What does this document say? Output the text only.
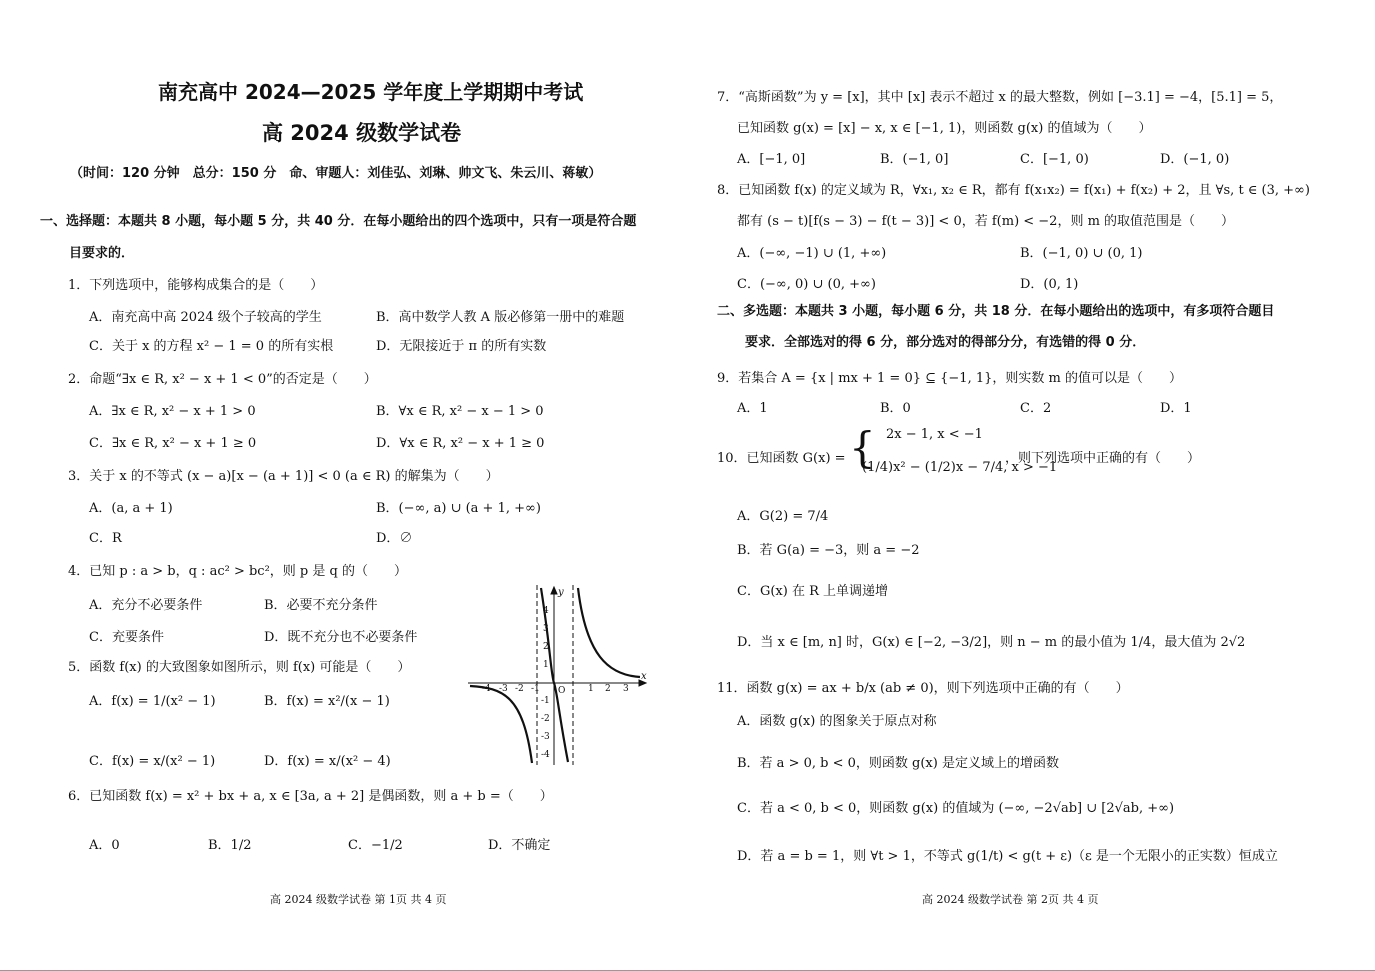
南充高中 2024—2025 学年度上学期期中考试
高 2024 级数学试卷
（时间：120 分钟　总分：150 分　命、审题人：刘佳弘、刘琳、帅文飞、朱云川、蒋敏）
一、选择题：本题共 8 小题，每小题 5 分，共 40 分．在每小题给出的四个选项中，只有一项是符合题
目要求的．
1．下列选项中，能够构成集合的是（　　）
A．南充高中高 2024 级个子较高的学生	B．高中数学人教 A 版必修第一册中的难题
C．关于 x 的方程 x² − 1 = 0 的所有实根	D．无限接近于 π 的所有实数
2．命题“∃x ∈ R, x² − x + 1 < 0”的否定是（　　）
A．∃x ∈ R, x² − x + 1 > 0	B．∀x ∈ R, x² − x − 1 > 0
C．∃x ∈ R, x² − x + 1 ≥ 0	D．∀x ∈ R, x² − x + 1 ≥ 0
3．关于 x 的不等式 (x − a)[x − (a + 1)] < 0 (a ∈ R) 的解集为（　　）
A．(a, a + 1)	B．(−∞, a) ∪ (a + 1, +∞)
C．R	D．∅
4．已知 p : a > b，q : ac² > bc²，则 p 是 q 的（　　）
A．充分不必要条件	B．必要不充分条件
C．充要条件	D．既不充分也不必要条件
5．函数 f(x) 的大致图象如图所示，则 f(x) 可能是（　　）
A．f(x) = 1/(x² − 1)	B．f(x) = x²/(x − 1)
C．f(x) = x/(x² − 1)	D．f(x) = x/(x² − 4)
6．已知函数 f(x) = x² + bx + a, x ∈ [3a, a + 2] 是偶函数，则 a + b =（　　）
A．0	B．1/2	C．−1/2	D．不确定
高 2024 级数学试卷 第 1页 共 4 页
-4 -3 -2 -1	1 2 3
4
3
2
1
-1
-2
-3
-4
O
x
y
7．“高斯函数”为 y = [x]，其中 [x] 表示不超过 x 的最大整数，例如 [−3.1] = −4，[5.1] = 5，
已知函数 g(x) = [x] − x, x ∈ [−1, 1)，则函数 g(x) 的值域为（　　）
A．[−1, 0]	B．(−1, 0]	C．[−1, 0)	D．(−1, 0)
8．已知函数 f(x) 的定义域为 R，∀x₁, x₂ ∈ R，都有 f(x₁x₂) = f(x₁) + f(x₂) + 2，且 ∀s, t ∈ (3, +∞)
都有 (s − t)[f(s − 3) − f(t − 3)] < 0，若 f(m) < −2，则 m 的取值范围是（　　）
A．(−∞, −1) ∪ (1, +∞)	B．(−1, 0) ∪ (0, 1)
C．(−∞, 0) ∪ (0, +∞)	D．(0, 1)
二、多选题：本题共 3 小题，每小题 6 分，共 18 分．在每小题给出的选项中，有多项符合题目
要求．全部选对的得 6 分，部分选对的得部分分，有选错的得 0 分．
9．若集合 A = {x | mx + 1 = 0} ⊆ {−1, 1}，则实数 m 的值可以是（　　）
A．1	B．0	C．2	D．1
10．已知函数 G(x) = { 2x − 1, x < −1
(1/4)x² − (1/2)x − 7/4, x > −1
，则下列选项中正确的有（　　）
A．G(2) = 7/4
B．若 G(a) = −3，则 a = −2
C．G(x) 在 R 上单调递增
D．当 x ∈ [m, n] 时，G(x) ∈ [−2, −3/2]，则 n − m 的最小值为 1/4，最大值为 2√2
11．函数 g(x) = ax + b/x (ab ≠ 0)，则下列选项中正确的有（　　）
A．函数 g(x) 的图象关于原点对称
B．若 a > 0, b < 0，则函数 g(x) 是定义域上的增函数
C．若 a < 0, b < 0，则函数 g(x) 的值域为 (−∞, −2√ab] ∪ [2√ab, +∞)
D．若 a = b = 1，则 ∀t > 1，不等式 g(1/t) < g(t + ε)（ε 是一个无限小的正实数）恒成立
高 2024 级数学试卷 第 2页 共 4 页
